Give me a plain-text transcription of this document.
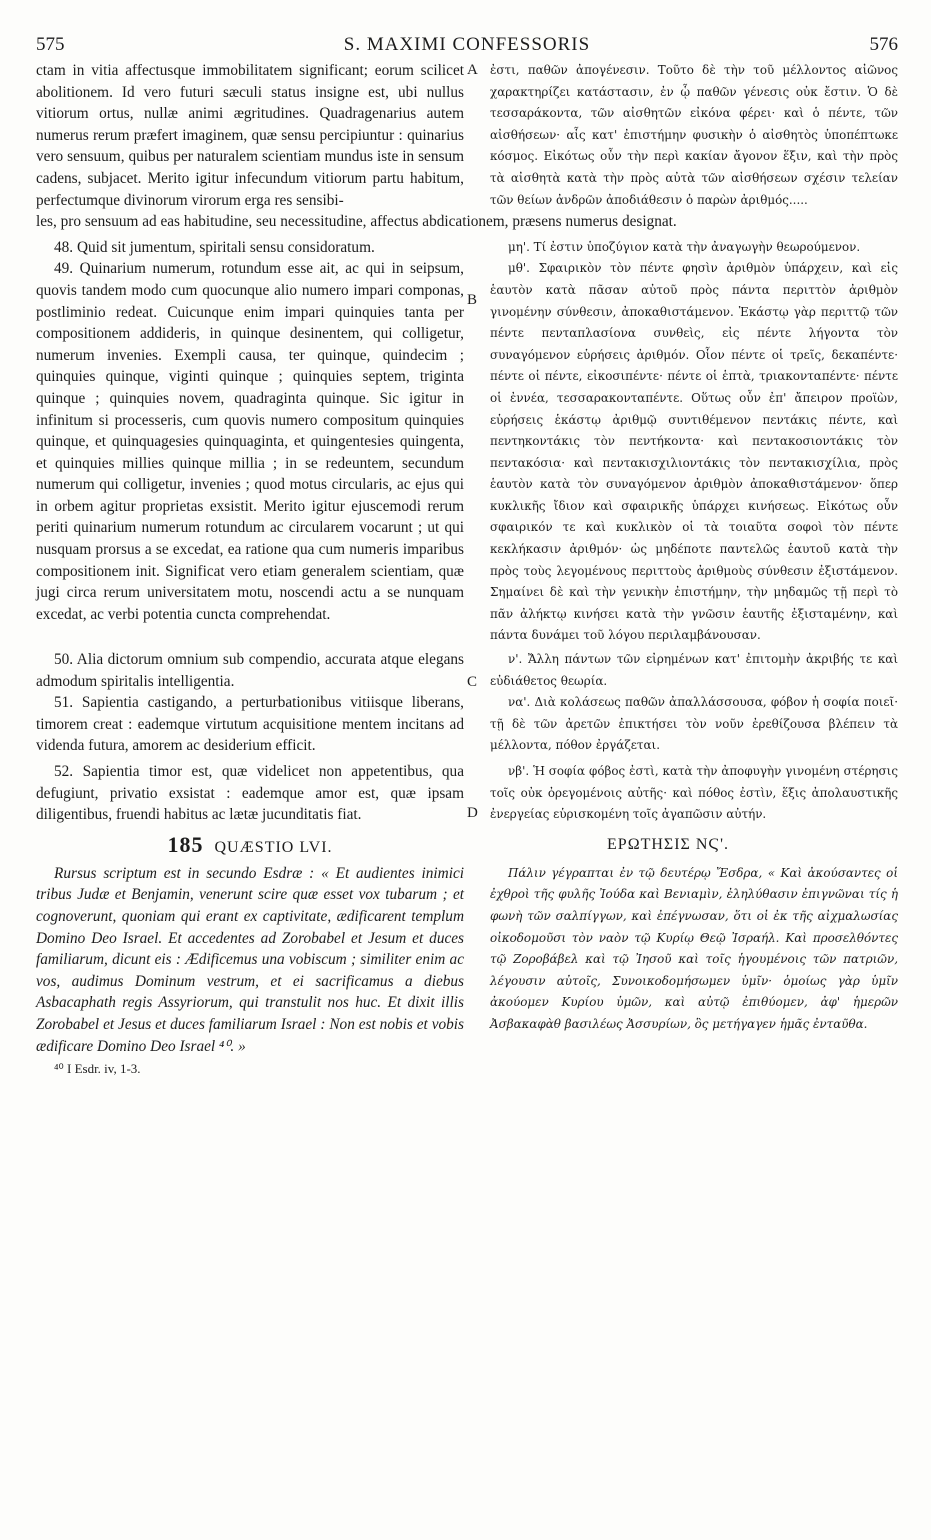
575	S. MAXIMI CONFESSORIS	576
A

ctam in vitia affectusque immobilitatem significant; eorum scilicet abolitionem. Id vero futuri sæculi status insigne est, ubi nullus vitiorum ortus, nullæ animi ægritudines. Quadragenarius autem numerus rerum præfert imaginem, quæ sensu percipiuntur : quinarius vero sensuum, quibus per naturalem scientiam mundus iste in sensum cadens, subjacet. Merito igitur infecundum vitiorum partu habitum, perfectumque divinorum virorum erga res sensibi-

ἐστι, παθῶν ἀπογένεσιν. Τοῦτο δὲ τὴν τοῦ μέλλοντος αἰῶνος χαρακτηρίζει κατάστασιν, ἐν ᾧ παθῶν γένεσις οὐκ ἔστιν. Ὁ δὲ τεσσαράκοντα, τῶν αἰσθητῶν εἰκόνα φέρει· καὶ ὁ πέντε, τῶν αἰσθήσεων· αἷς κατ' ἐπιστήμην φυσικὴν ὁ αἰσθητὸς ὑποπέπτωκε κόσμος. Εἰκότως οὖν τὴν περὶ κακίαν ἄγονον ἕξιν, καὶ τὴν πρὸς τὰ αἰσθητὰ κατὰ τὴν πρὸς αὐτὰ τῶν αἰσθήσεων σχέσιν τελείαν τῶν θείων ἀνδρῶν ἀποδιάθεσιν ὁ παρὼν ἀριθμός.....

les, pro sensuum ad eas habitudine, seu necessitudine, affectus abdicationem, præsens numerus designat.

48. Quid sit jumentum, spiritali sensu considoratum.	μη'. Τί ἐστιν ὑποζύγιον κατὰ τὴν ἀναγωγὴν θεωρούμενον.

B
C

49. Quinarium numerum, rotundum esse ait, ac qui in seipsum, quovis tandem modo cum quocunque alio numero impari componas, postliminio redeat. Cuicunque enim impari quinquies tanta per compositionem addideris, in quinque desinentem, qui colligetur, numerum invenies. Exempli causa, ter quinque, quindecim ; quinquies quinque, viginti quinque ; quinquies septem, triginta quinque ; quinquies novem, quadraginta quinque. Sic igitur in infinitum si processeris, cum quovis numero compositum quinquies quinque, et quinquagesies quinquaginta, et quingentesies quingenta, et quinquies millies quinque millia ; in se redeuntem, secundum numerum qui colligetur, invenies ; quod motus circularis, ac ejus qui in orbem agitur proprietas exsistit. Merito igitur ejuscemodi rerum periti quinarium numerum rotundum ac circularem vocarunt ; ut qui nusquam prorsus a se excedat, ea ratione qua cum numeris imparibus compositionem init. Significat vero etiam generalem scientiam, quæ jugi circa rerum universitatem motu, noscendi actu a se nunquam excedat, ac verbi potentia cuncta comprehendat.

μθ'. Σφαιρικὸν τὸν πέντε φησὶν ἀριθμὸν ὑπάρχειν, καὶ εἰς ἑαυτὸν κατὰ πᾶσαν αὐτοῦ πρὸς πάντα περιττὸν ἀριθμὸν γινομένην σύνθεσιν, ἀποκαθιστάμενον. Ἑκάστῳ γὰρ περιττῷ τῶν πέντε πενταπλασίονα συνθεὶς, εἰς πέντε λήγοντα τὸν συναγόμενον εὑρήσεις ἀριθμόν. Οἷον πέντε οἱ τρεῖς, δεκαπέντε· πέντε οἱ πέντε, εἰκοσιπέντε· πέντε οἱ ἑπτὰ, τριακονταπέντε· πέντε οἱ ἐννέα, τεσσαρακονταπέντε. Οὕτως οὖν ἐπ' ἄπειρον προϊὼν, εὑρήσεις ἑκάστῳ ἀριθμῷ συντιθέμενον πεντάκις πέντε, καὶ πεντηκοντάκις τὸν πεντήκοντα· καὶ πεντακοσιοντάκις τὸν πεντακόσια· καὶ πεντακισχιλιοντάκις τὸν πεντακισχίλια, πρὸς ἑαυτὸν κατὰ τὸν συναγόμενον ἀριθμὸν ἀποκαθιστάμενον· ὅπερ κυκλικῆς ἴδιον καὶ σφαιρικῆς ὑπάρχει κινήσεως. Εἰκότως οὖν σφαιρικόν τε καὶ κυκλικὸν οἱ τὰ τοιαῦτα σοφοὶ τὸν πέντε κεκλήκασιν ἀριθμόν· ὡς μηδέποτε παντελῶς ἑαυτοῦ κατὰ τὴν πρὸς τοὺς λεγομένους περιττοὺς ἀριθμοὺς σύνθεσιν ἐξιστάμενον. Σημαίνει δὲ καὶ τὴν γενικὴν ἐπιστήμην, τὴν μηδαμῶς τῇ περὶ τὸ πᾶν ἀλήκτῳ κινήσει κατὰ τὴν γνῶσιν ἑαυτῆς ἐξισταμένην, καὶ πάντα δυνάμει τοῦ λόγου περιλαμβάνουσαν.

50. Alia dictorum omnium sub compendio, accurata atque elegans admodum spiritalis intelligentia.

ν'. Ἄλλη πάντων τῶν εἰρημένων κατ' ἐπιτομὴν ἀκριβής τε καὶ εὐδιάθετος θεωρία.

51. Sapientia castigando, a perturbationibus vitiisque liberans, timorem creat : eademque virtutum acquisitione mentem incitans ad videnda futura, amorem ac desiderium efficit.

να'. Διὰ κολάσεως παθῶν ἀπαλλάσσουσα, φόβον ἡ σοφία ποιεῖ· τῇ δὲ τῶν ἀρετῶν ἐπικτήσει τὸν νοῦν ἐρεθίζουσα βλέπειν τὰ μέλλοντα, πόθον ἐργάζεται.

D

52. Sapientia timor est, quæ videlicet non appetentibus, qua defugiunt, privatio exsistat : eademque amor est, quæ ipsam diligentibus, fruendi habitus ac lætæ jucunditatis fiat.

νβ'. Ἡ σοφία φόβος ἐστὶ, κατὰ τὴν ἀποφυγὴν γινομένη στέρησις τοῖς οὐκ ὀρεγομένοις αὐτῆς· καὶ πόθος ἐστὶν, ἕξις ἀπολαυστικῆς ἐνεργείας εὑρισκομένη τοῖς ἀγαπῶσιν αὐτήν.

185 QUÆSTIO LVI.	ΕΡΩΤΗΣΙΣ ΝϚ'.

Rursus scriptum est in secundo Esdræ : « Et audientes inimici tribus Judæ et Benjamin, venerunt scire quæ esset vox tubarum ; et cognoverunt, quoniam qui erant ex captivitate, ædificarent templum Domino Deo Israel. Et accedentes ad Zorobabel et Jesum et duces familiarum, dicunt eis : Ædificemus una vobiscum ; similiter enim ac vos, audimus Dominum vestrum, et ei sacrificamus a diebus Asbacaphath regis Assyriorum, qui transtulit nos huc. Et dixit illis Zorobabel et Jesus et duces familiarum Israel : Non est nobis et vobis ædificare Domino Deo Israel ⁴⁰. »

⁴⁰ I Esdr. iv, 1-3.

Πάλιν γέγραπται ἐν τῷ δευτέρῳ Ἔσδρα, « Καὶ ἀκούσαντες οἱ ἐχθροὶ τῆς φυλῆς Ἰούδα καὶ Βενιαμὶν, ἐληλύθασιν ἐπιγνῶναι τίς ἡ φωνὴ τῶν σαλπίγγων, καὶ ἐπέγνωσαν, ὅτι οἱ ἐκ τῆς αἰχμαλωσίας οἰκοδομοῦσι τὸν ναὸν τῷ Κυρίῳ Θεῷ Ἰσραήλ. Καὶ προσελθόντες τῷ Ζοροβάβελ καὶ τῷ Ἰησοῦ καὶ τοῖς ἡγουμένοις τῶν πατριῶν, λέγουσιν αὐτοῖς, Συνοικοδομήσωμεν ὑμῖν· ὁμοίως γὰρ ὑμῖν ἀκούομεν Κυρίου ὑμῶν, καὶ αὐτῷ ἐπιθύομεν, ἀφ' ἡμερῶν Ἀσβακαφὰθ βασιλέως Ἀσσυρίων, ὃς μετήγαγεν ἡμᾶς ἐνταῦθα.
